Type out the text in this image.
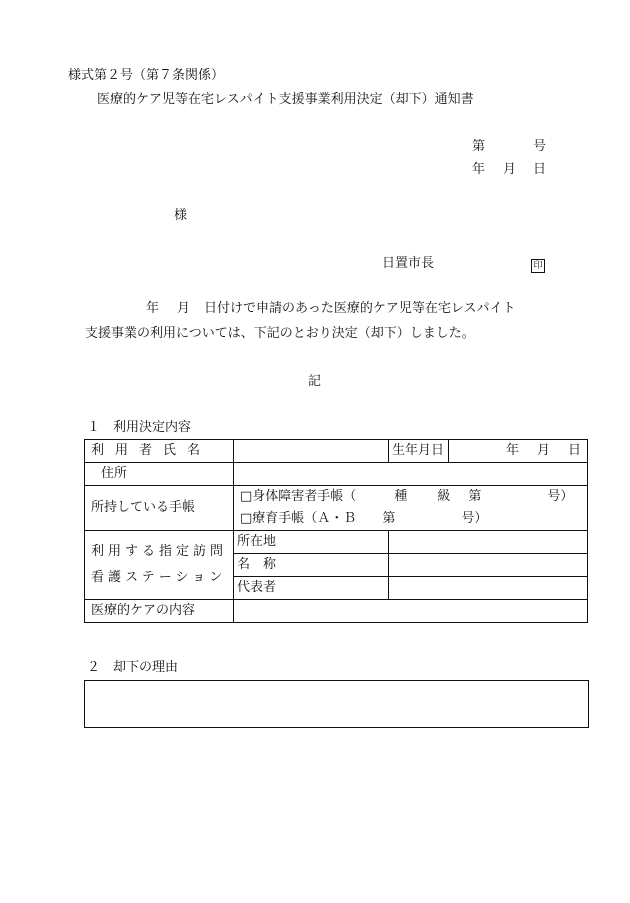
様式第２号（第７条関係）
医療的ケア児等在宅レスパイト支援事業利用決定（却下）通知書
第	号
年 月 日
様
日置市長	印
年 月 日付けで申請のあった医療的ケア児等在宅レスパイト
支援事業の利用については、下記のとおり決定（却下）しました。
記
１　利用決定内容
利用者氏名		生年月日	年 月 日

住所			

所持している手帳	□身体障害者手帳（ 種 級 第 号）
□療育手帳（Ａ・Ｂ 第 号）		

利用する指定訪問
看護ステーション	所在地		
	名　称		
	代表者		
医療的ケアの内容			
２　却下の理由
